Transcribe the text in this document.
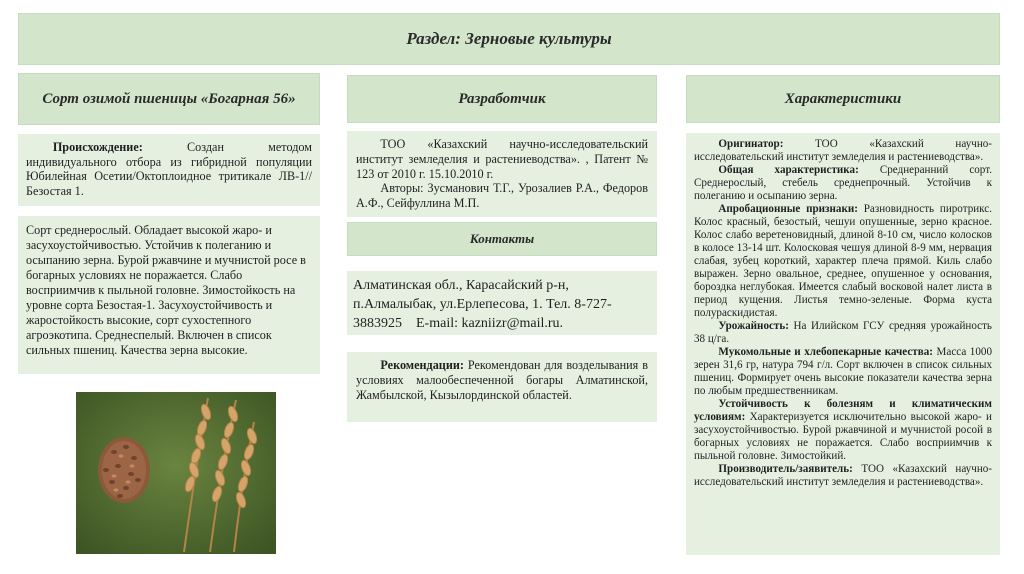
Раздел: Зерновые культуры
Сорт озимой пшеницы «Богарная 56»
Происхождение:	Создан методом индивидуального отбора из гибридной популяции Юбилейная Осетии/Октоплоидное тритикале ЛВ-1//Безостая 1.
Сорт среднерослый. Обладает высокой жаро- и засухоустойчивостью. Устойчив к полеганию и осыпанию зерна. Бурой ржавчине и мучнистой росе в богарных условиях не поражается. Слабо восприимчив к пыльной головне. Зимостойкость на уровне сорта Безостая-1. Засухоустойчивость и жаростойкость высокие, сорт сухостепного агроэкотипа. Среднеспелый. Включен в список сильных пшениц. Качества зерна высокие.
Разработчик
ТОО «Казахский научно-исследовательский институт земледелия и растениеводства». , Патент № 123 от 2010 г. 15.10.2010 г.
Авторы: Зусманович Т.Г., Урозалиев Р.А., Федоров А.Ф., Сейфуллина М.П.
Контакты
Алматинская обл., Карасайский р-н,
п.Алмалыбак, ул.Ерлепесова, 1. Тел. 8-727-
3883925    E-mail: kazniizr@mail.ru.
Рекомендации: Рекомендован для возделывания в условиях малообеспеченной богары Алматинской, Жамбылской, Кызылординской областей.
Характеристики
Оригинатор:	ТОО «Казахский научно-исследовательский институт земледелия и растениеводства».
Общая характеристика: Среднеранний сорт. Среднерослый, стебель среднепрочный. Устойчив к полеганию и осыпанию зерна.
Апробационные признаки: Разновидность пиротрикс. Колос красный, безостый, чешуи опушенные, зерно красное. Колос слабо веретеновидный, длиной 8-10 см, число колосков в колосе 13-14 шт. Колосковая чешуя длиной 8-9 мм, нервация слабая, зубец короткий, характер плеча прямой. Киль слабо выражен. Зерно овальное, среднее, опушенное у основания, бороздка неглубокая. Имеется слабый восковой налет листа в период кущения. Листья темно-зеленые. Форма куста полураскидистая.
Урожайность: На Илийском ГСУ средняя урожайность 38 ц/га.
Мукомольные и хлебопекарные качества: Масса 1000 зерен 31,6 гр, натура 794 г/л. Сорт включен в список сильных пшениц. Формирует очень высокие показатели качества зерна по любым предшественникам.
Устойчивость к болезням и климатическим условиям: Характеризуется исключительно высокой жаро- и засухоустойчивостью. Бурой ржавчиной и мучнистой росой в богарных условиях не поражается. Слабо восприимчив к пыльной головне. Зимостойкий.
Производитель/заявитель: ТОО «Казахский научно-исследовательский институт земледелия и растениеводства».
